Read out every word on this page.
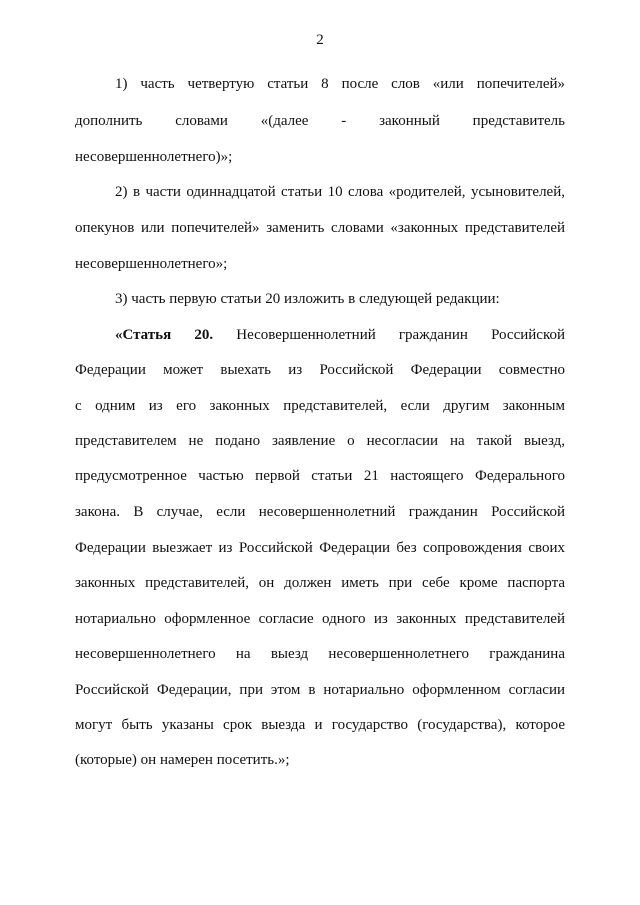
2
1) часть четвертую статьи 8 после слов «или попечителей»
дополнить словами «(далее - законный представитель
несовершеннолетнего)»;
2) в части одиннадцатой статьи 10 слова «родителей, усыновителей,
опекунов или попечителей» заменить словами «законных представителей
несовершеннолетнего»;
3) часть первую статьи 20 изложить в следующей редакции:
«Статья 20. Несовершеннолетний гражданин Российской
Федерации может выехать из Российской Федерации совместно
с одним из его законных представителей, если другим законным
представителем не подано заявление о несогласии на такой выезд,
предусмотренное частью первой статьи 21 настоящего Федерального
закона. В случае, если несовершеннолетний гражданин Российской
Федерации выезжает из Российской Федерации без сопровождения своих
законных представителей, он должен иметь при себе кроме паспорта
нотариально оформленное согласие одного из законных представителей
несовершеннолетнего на выезд несовершеннолетнего гражданина
Российской Федерации, при этом в нотариально оформленном согласии
могут быть указаны срок выезда и государство (государства), которое
(которые) он намерен посетить.»;
